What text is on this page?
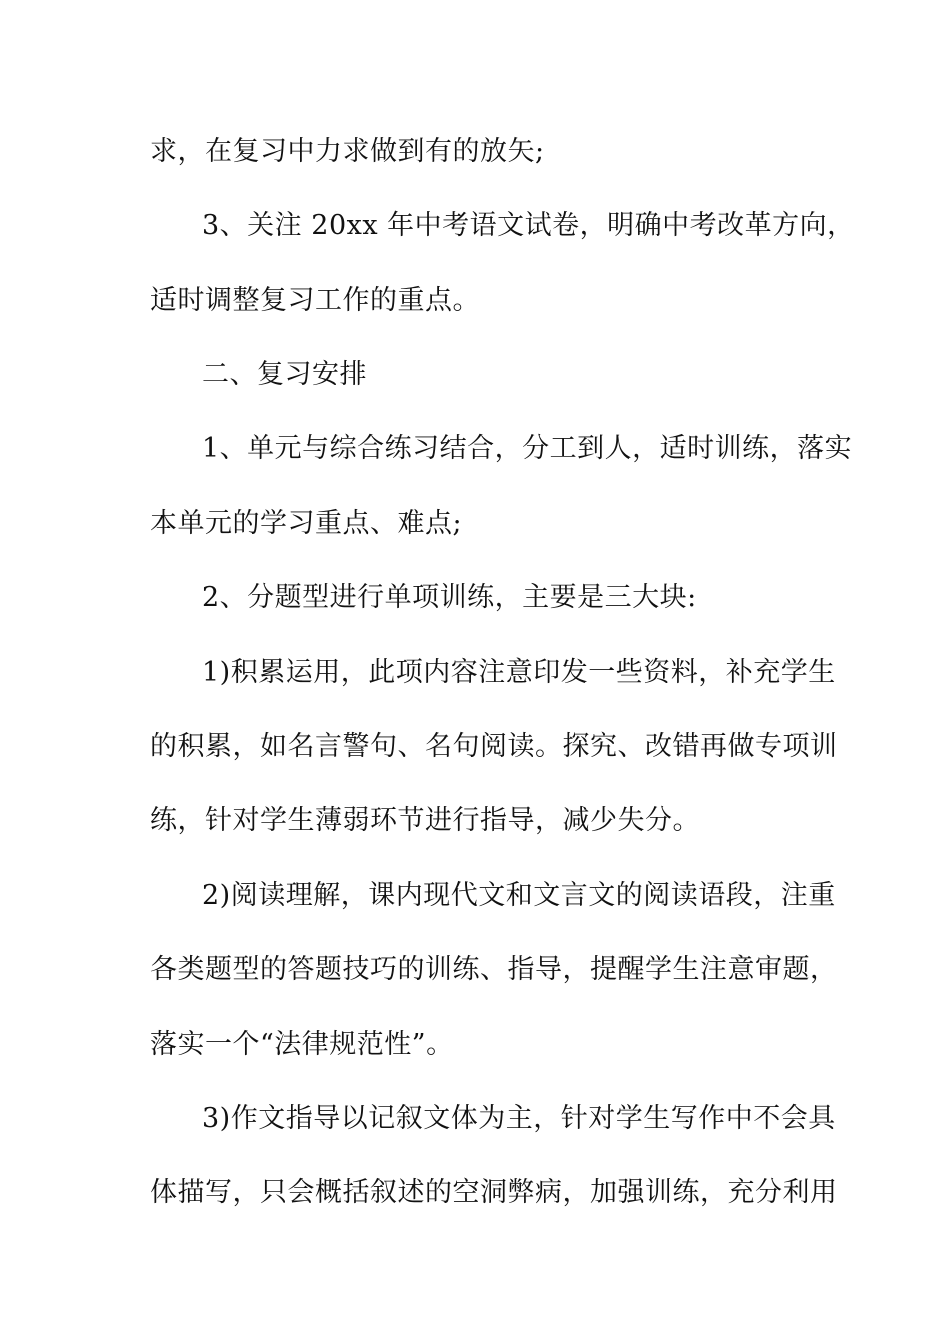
求，在复习中力求做到有的放矢;
3、关注 20xx 年中考语文试卷，明确中考改革方向，
适时调整复习工作的重点。
二、复习安排
1、单元与综合练习结合，分工到人，适时训练，落实
本单元的学习重点、难点;
2、分题型进行单项训练，主要是三大块:
1)积累运用，此项内容注意印发一些资料，补充学生
的积累，如名言警句、名句阅读。探究、改错再做专项训
练，针对学生薄弱环节进行指导，减少失分。
2)阅读理解，课内现代文和文言文的阅读语段，注重
各类题型的答题技巧的训练、指导，提醒学生注意审题，
落实一个“法律规范性”。
3)作文指导以记叙文体为主，针对学生写作中不会具
体描写，只会概括叙述的空洞弊病，加强训练，充分利用
